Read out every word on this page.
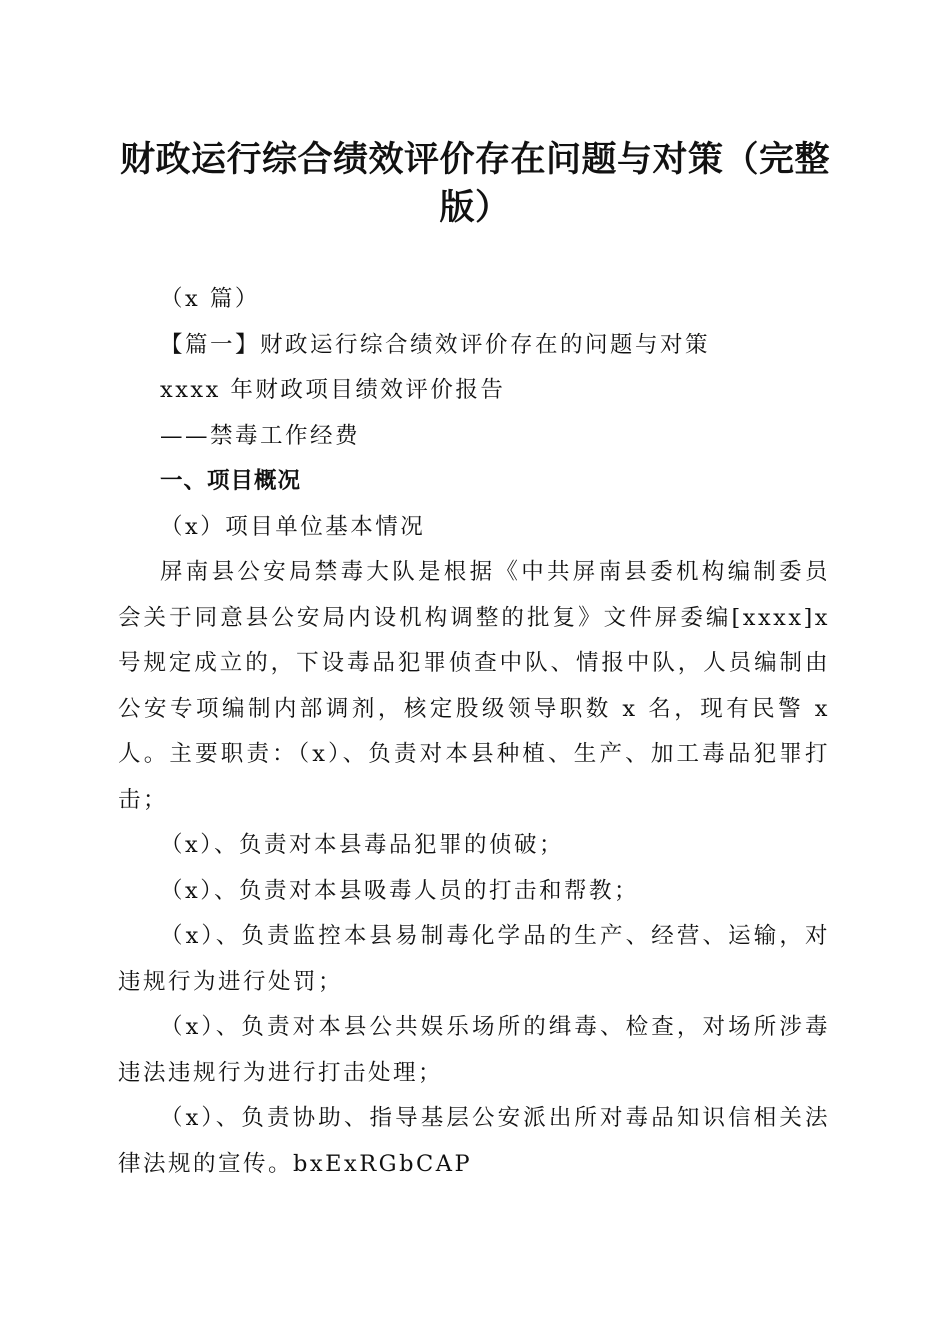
财政运行综合绩效评价存在问题与对策（完整版）

（x 篇）

【篇一】财政运行综合绩效评价存在的问题与对策

xxxx 年财政项目绩效评价报告

——禁毒工作经费

一、项目概况

（x）项目单位基本情况

屏南县公安局禁毒大队是根据《中共屏南县委机构编制委员会关于同意县公安局内设机构调整的批复》文件屏委编[xxxx]x号规定成立的，下设毒品犯罪侦查中队、情报中队，人员编制由公安专项编制内部调剂，核定股级领导职数 x 名，现有民警 x 人。主要职责：（x）、负责对本县种植、生产、加工毒品犯罪打击；

（x）、负责对本县毒品犯罪的侦破；

（x）、负责对本县吸毒人员的打击和帮教；

（x）、负责监控本县易制毒化学品的生产、经营、运输，对违规行为进行处罚；

（x）、负责对本县公共娱乐场所的缉毒、检查，对场所涉毒违法违规行为进行打击处理；

（x）、负责协助、指导基层公安派出所对毒品知识信相关法律法规的宣传。bxExRGbCAP
